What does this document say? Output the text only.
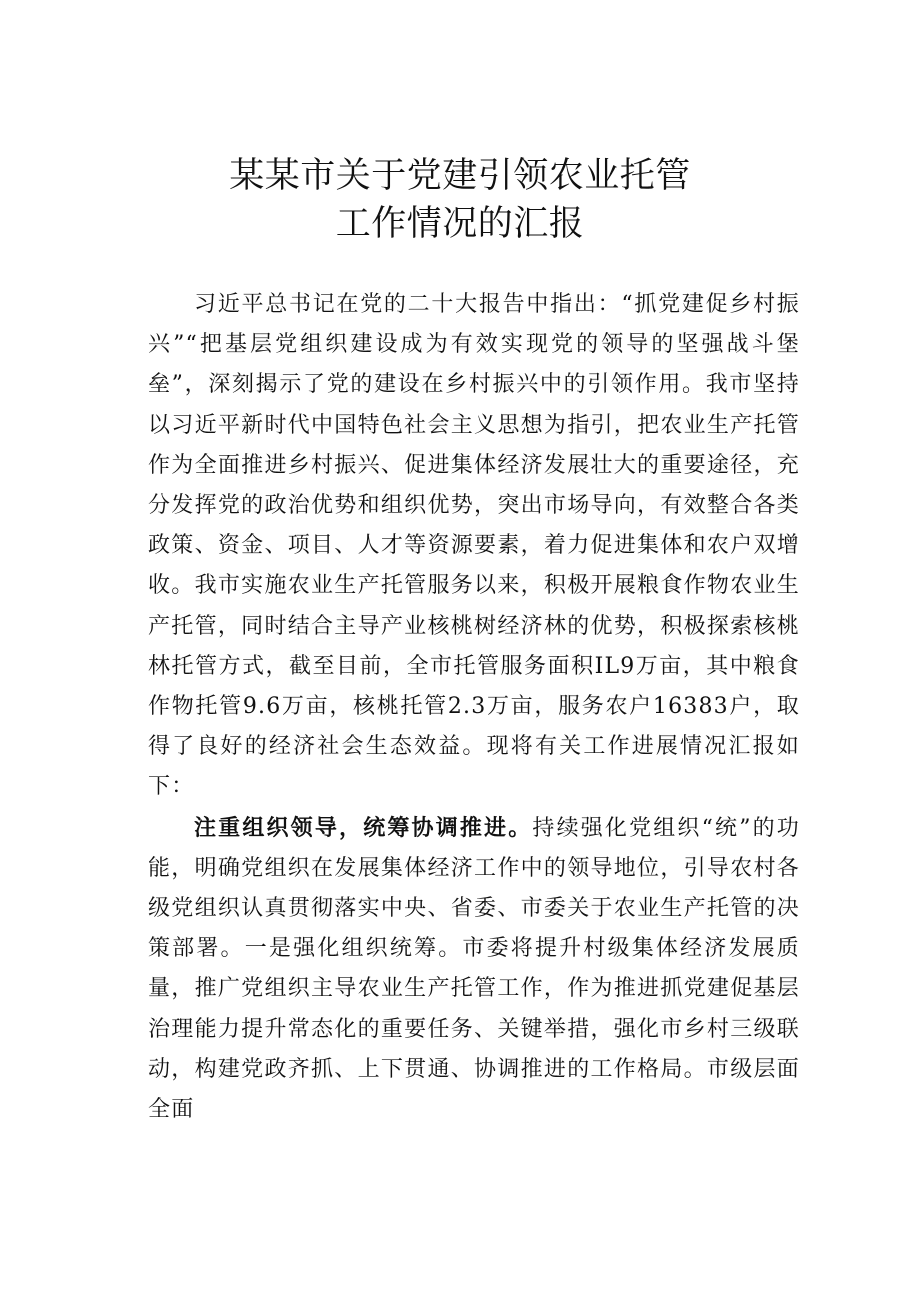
某某市关于党建引领农业托管
工作情况的汇报

习近平总书记在党的二十大报告中指出：“抓党建促乡村振兴”“把基层党组织建设成为有效实现党的领导的坚强战斗堡垒”，深刻揭示了党的建设在乡村振兴中的引领作用。我市坚持以习近平新时代中国特色社会主义思想为指引，把农业生产托管作为全面推进乡村振兴、促进集体经济发展壮大的重要途径，充分发挥党的政治优势和组织优势，突出市场导向，有效整合各类政策、资金、项目、人才等资源要素，着力促进集体和农户双增收。我市实施农业生产托管服务以来，积极开展粮食作物农业生产托管，同时结合主导产业核桃树经济林的优势，积极探索核桃林托管方式，截至目前，全市托管服务面积IL9万亩，其中粮食作物托管9.6万亩，核桃托管2.3万亩，服务农户16383户，取得了良好的经济社会生态效益。现将有关工作进展情况汇报如下：

注重组织领导，统筹协调推进。持续强化党组织“统”的功能，明确党组织在发展集体经济工作中的领导地位，引导农村各级党组织认真贯彻落实中央、省委、市委关于农业生产托管的决策部署。一是强化组织统筹。市委将提升村级集体经济发展质量，推广党组织主导农业生产托管工作，作为推进抓党建促基层治理能力提升常态化的重要任务、关键举措，强化市乡村三级联动，构建党政齐抓、上下贯通、协调推进的工作格局。市级层面全面
